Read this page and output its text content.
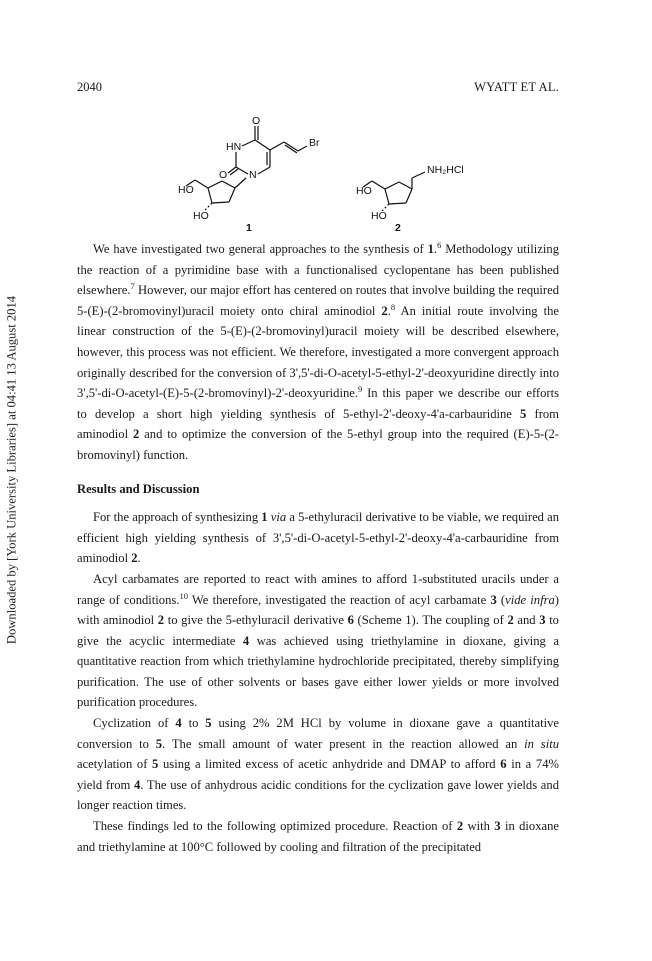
2040	WYATT ET AL.
Downloaded by [York University Libraries] at 04:41 13 August 2014
O
HN	Br
O N
HO
HO
1
NH₂HCl
HO
HO
2

We have investigated two general approaches to the synthesis of 1.$^6$ Methodology utilizing the reaction of a pyrimidine base with a functionalised cyclopentane has been published elsewhere.$^7$ However, our major effort has centered on routes that involve building the required 5-(E)-(2-bromovinyl)uracil moiety onto chiral aminodiol 2.$^8$ An initial route involving the linear construction of the 5-(E)-(2-bromovinyl)uracil moiety will be described elsewhere, however, this process was not efficient. We therefore, investigated a more convergent approach originally described for the conversion of 3',5'-di-O-acetyl-5-ethyl-2'-deoxyuridine directly into 3',5'-di-O-acetyl-(E)-5-(2-bromovinyl)-2'-deoxyuridine.$^9$ In this paper we describe our efforts to develop a short high yielding synthesis of 5-ethyl-2'-deoxy-4'a-carbauridine 5 from aminodiol 2 and to optimize the conversion of the 5-ethyl group into the required (E)-5-(2-bromovinyl) function.

Results and Discussion

For the approach of synthesizing 1 via a 5-ethyluracil derivative to be viable, we required an efficient high yielding synthesis of 3',5'-di-O-acetyl-5-ethyl-2'-deoxy-4'a-carbauridine from aminodiol 2.

Acyl carbamates are reported to react with amines to afford 1-substituted uracils under a range of conditions.$^{10}$ We therefore, investigated the reaction of acyl carbamate 3 (vide infra) with aminodiol 2 to give the 5-ethyluracil derivative 6 (Scheme 1). The coupling of 2 and 3 to give the acyclic intermediate 4 was achieved using triethylamine in dioxane, giving a quantitative reaction from which triethylamine hydrochloride precipitated, thereby simplifying purification. The use of other solvents or bases gave either lower yields or more involved purification procedures.

Cyclization of 4 to 5 using 2% 2M HCl by volume in dioxane gave a quantitative conversion to 5. The small amount of water present in the reaction allowed an in situ acetylation of 5 using a limited excess of acetic anhydride and DMAP to afford 6 in a 74% yield from 4. The use of anhydrous acidic conditions for the cyclization gave lower yields and longer reaction times.

These findings led to the following optimized procedure. Reaction of 2 with 3 in dioxane and triethylamine at 100°C followed by cooling and filtration of the precipitated
